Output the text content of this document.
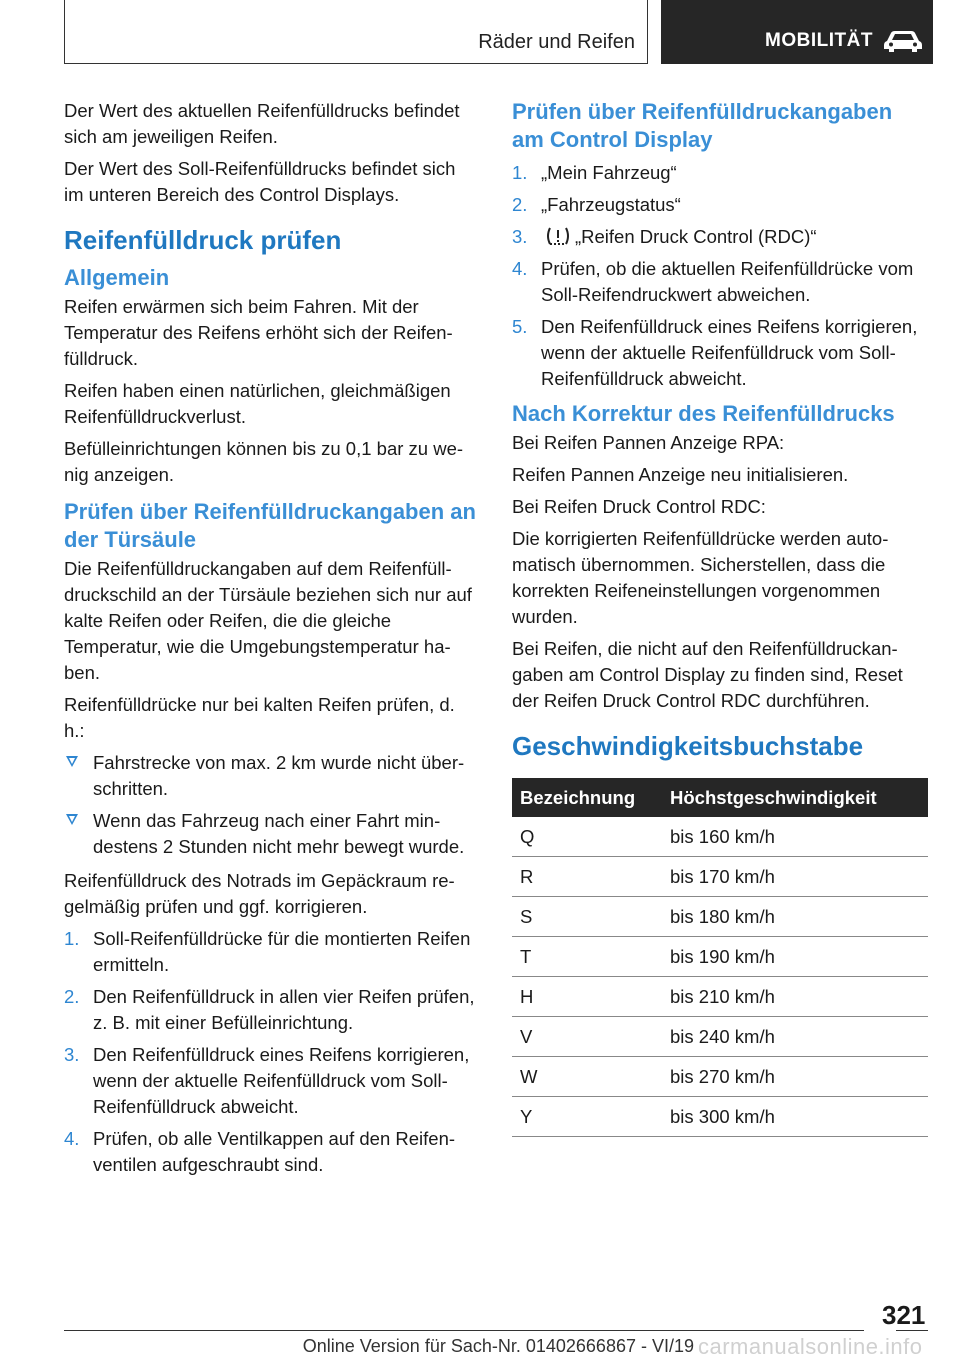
Räder und Reifen	MOBILITÄT

Der Wert des aktuellen Reifenfülldrucks befindet sich am jeweiligen Reifen.

Der Wert des Soll-Reifenfülldrucks befindet sich im unteren Bereich des Control Displays.

Reifenfülldruck prüfen
Allgemein

Reifen erwärmen sich beim Fahren. Mit der Temperatur des Reifens erhöht sich der Reifenfülldruck.

Reifen haben einen natürlichen, gleichmäßigen Reifenfülldruckverlust.

Befülleinrichtungen können bis zu 0,1 bar zu wenig anzeigen.

Prüfen über Reifenfülldruckangaben an der Türsäule

Die Reifenfülldruckangaben auf dem Reifenfülldruckschild an der Türsäule beziehen sich nur auf kalte Reifen oder Reifen, die die gleiche Temperatur, wie die Umgebungstemperatur haben.

Reifenfülldrücke nur bei kalten Reifen prüfen, d. h.:

Fahrstrecke von max. 2 km wurde nicht überschritten.
Wenn das Fahrzeug nach einer Fahrt mindestens 2 Stunden nicht mehr bewegt wurde.

Reifenfülldruck des Notrads im Gepäckraum regelmäßig prüfen und ggf. korrigieren.

1. Soll-Reifenfülldrücke für die montierten Reifen ermitteln.
2. Den Reifenfülldruck in allen vier Reifen prüfen, z. B. mit einer Befülleinrichtung.
3. Den Reifenfülldruck eines Reifens korrigieren, wenn der aktuelle Reifenfülldruck vom Soll-Reifenfülldruck abweicht.
4. Prüfen, ob alle Ventilkappen auf den Reifenventilen aufgeschraubt sind.
Prüfen über Reifenfülldruckangaben am Control Display
1. „Mein Fahrzeug“
2. „Fahrzeugstatus“
3.	„Reifen Druck Control (RDC)“
4. Prüfen, ob die aktuellen Reifenfülldrücke vom Soll-Reifendruckwert abweichen.
5. Den Reifenfülldruck eines Reifens korrigieren, wenn der aktuelle Reifenfülldruck vom Soll-Reifenfülldruck abweicht.
Nach Korrektur des Reifenfülldrucks

Bei Reifen Pannen Anzeige RPA:

Reifen Pannen Anzeige neu initialisieren.

Bei Reifen Druck Control RDC:

Die korrigierten Reifenfülldrücke werden automatisch übernommen. Sicherstellen, dass die korrekten Reifeneinstellungen vorgenommen wurden.

Bei Reifen, die nicht auf den Reifenfülldruckangaben am Control Display zu finden sind, Reset der Reifen Druck Control RDC durchführen.

Geschwindigkeitsbuchstabe
Bezeichnung	Höchstgeschwindigkeit
Q	bis 160 km/h
R	bis 170 km/h
S	bis 180 km/h
T	bis 190 km/h
H	bis 210 km/h
V	bis 240 km/h
W	bis 270 km/h
Y	bis 300 km/h
321
Online Version für Sach-Nr. 01402666867 - VI/19 carmanualsonline.info
